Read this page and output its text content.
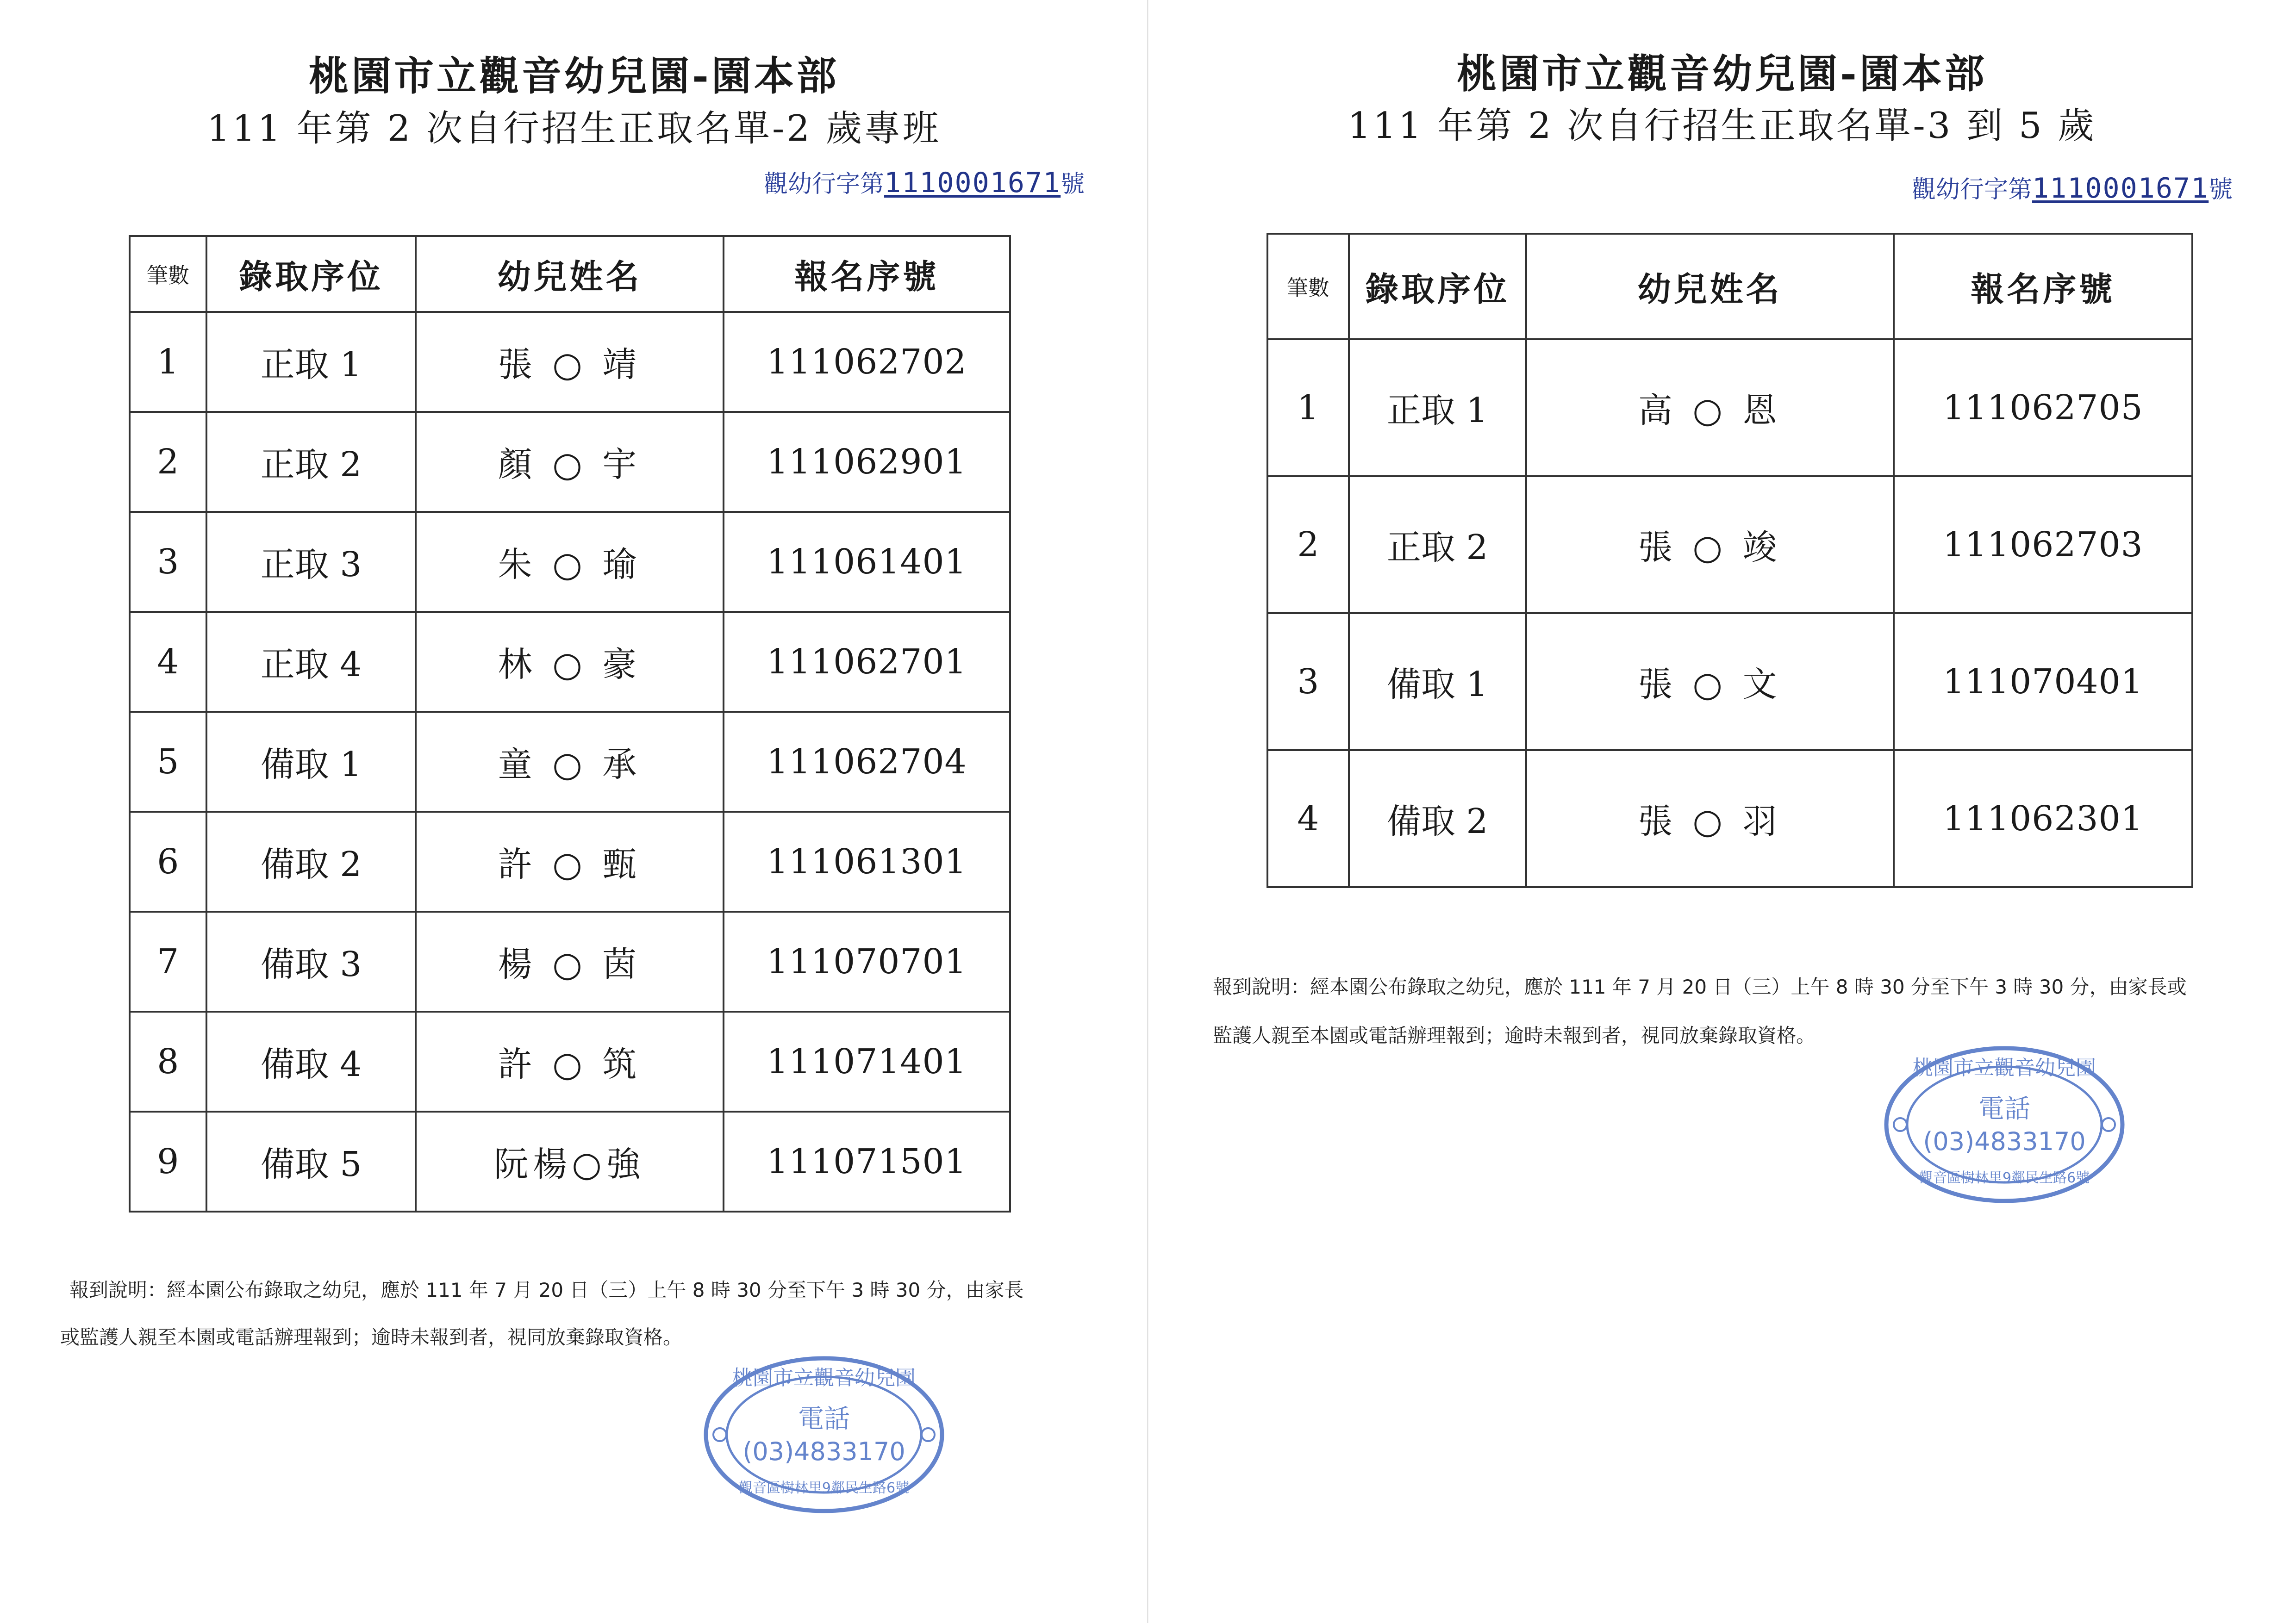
桃園市立觀音幼兒園-園本部
111 年第 2 次自行招生正取名單-2 歲專班
觀幼行字第1110001671號
筆數	錄取序位	幼兒姓名	報名序號
1	正取 1	張 ○ 靖	111062702
2	正取 2	顏 ○ 宇	111062901
3	正取 3	朱 ○ 瑜	111061401
4	正取 4	林 ○ 豪	111062701
5	備取 1	童 ○ 承	111062704
6	備取 2	許 ○ 甄	111061301
7	備取 3	楊 ○ 茵	111070701
8	備取 4	許 ○ 筑	111071401
9	備取 5	阮楊○強	111071501
報到說明：經本園公布錄取之幼兒，應於 111 年 7 月 20 日（三）上午 8 時 30 分至下午 3 時 30 分，由家長
或監護人親至本園或電話辦理報到；逾時未報到者，視同放棄錄取資格。
桃園市立觀音幼兒園
電話
(03)4833170
觀音區樹林里9鄰民生路6號
桃園市立觀音幼兒園-園本部
111 年第 2 次自行招生正取名單-3 到 5 歲
觀幼行字第1110001671號
筆數	錄取序位	幼兒姓名	報名序號
1	正取 1	高 ○ 恩	111062705
2	正取 2	張 ○ 竣	111062703
3	備取 1	張 ○ 文	111070401
4	備取 2	張 ○ 羽	111062301
報到說明：經本園公布錄取之幼兒，應於 111 年 7 月 20 日（三）上午 8 時 30 分至下午 3 時 30 分，由家長或
監護人親至本園或電話辦理報到；逾時未報到者，視同放棄錄取資格。
桃園市立觀音幼兒園
電話
(03)4833170
觀音區樹林里9鄰民生路6號
